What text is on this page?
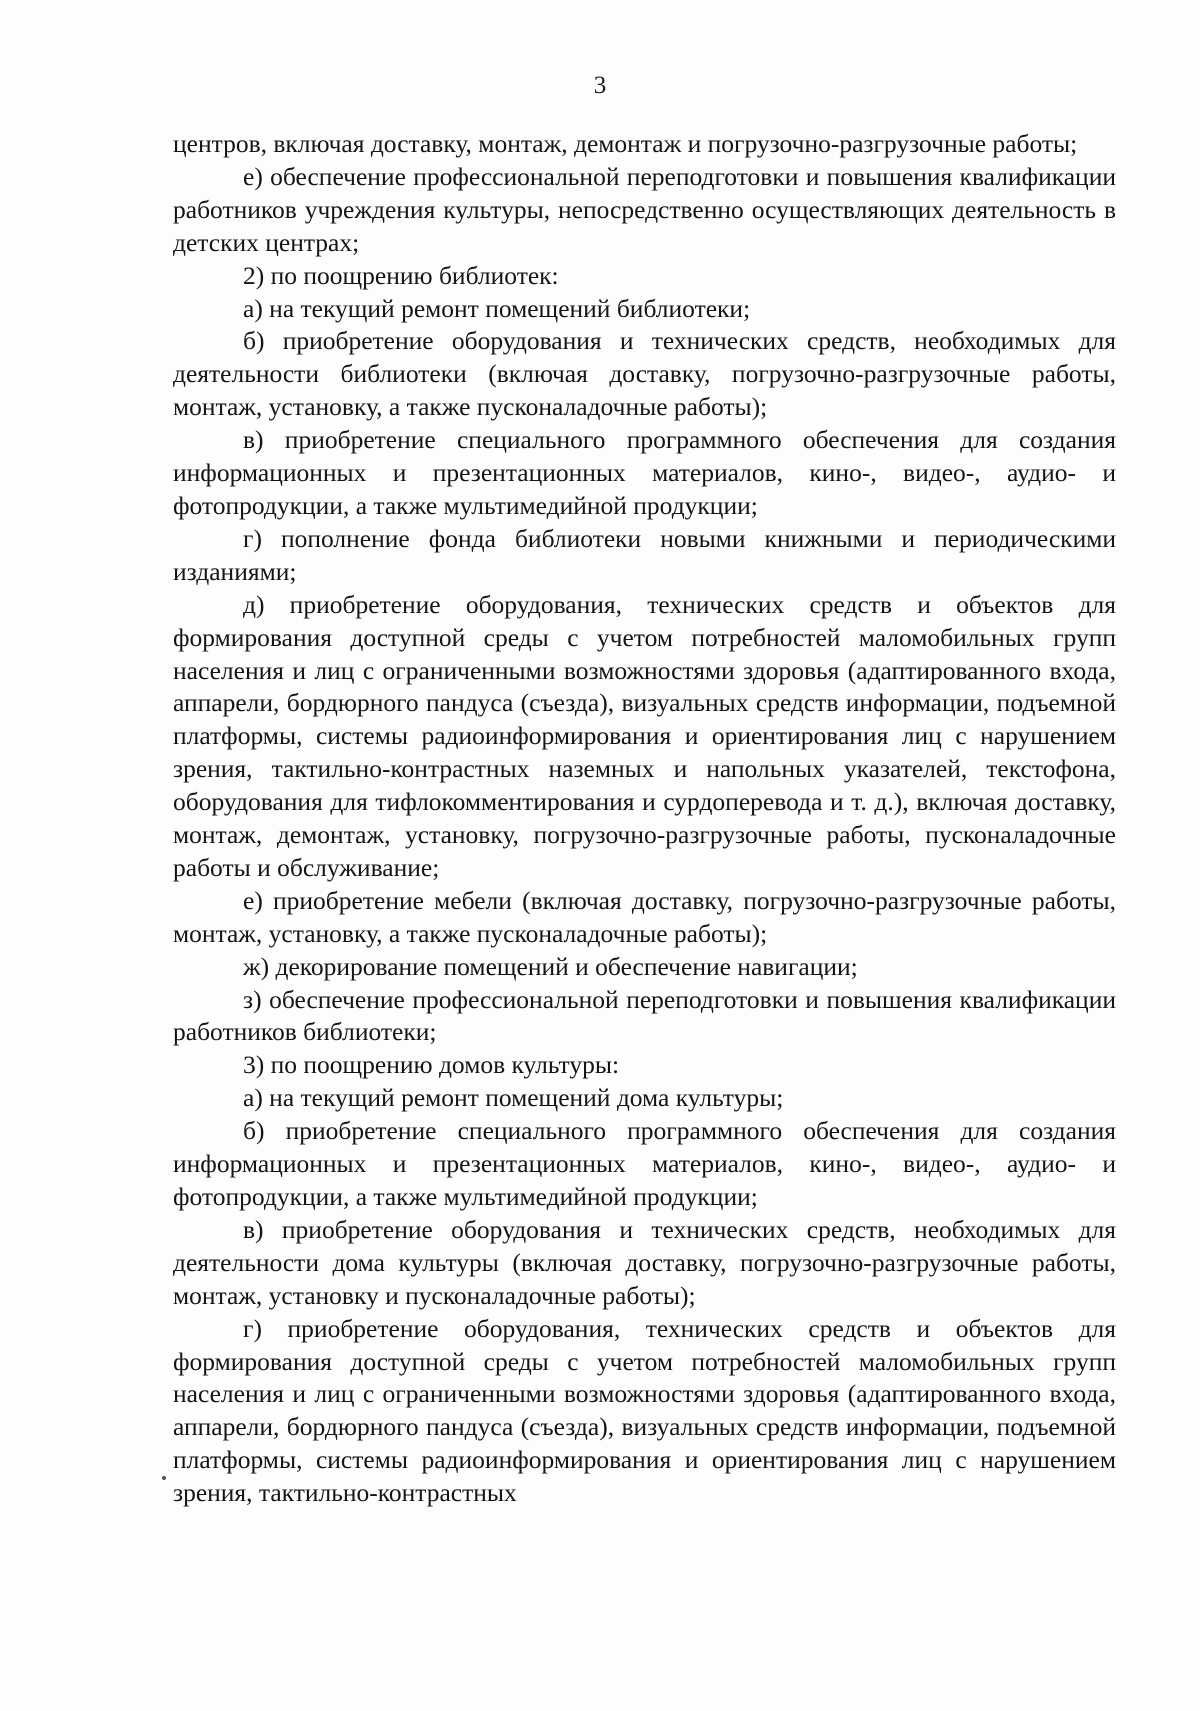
3

центров, включая доставку, монтаж, демонтаж и погрузочно-разгрузочные работы;

е) обеспечение профессиональной переподготовки и повышения квалификации работников учреждения культуры, непосредственно осуществляющих деятельность в детских центрах;

2) по поощрению библиотек:

а) на текущий ремонт помещений библиотеки;

б) приобретение оборудования и технических средств, необходимых для деятельности библиотеки (включая доставку, погрузочно-разгрузочные работы, монтаж, установку, а также пусконаладочные работы);

в) приобретение специального программного обеспечения для создания информационных и презентационных материалов, кино-, видео-, аудио- и фотопродукции, а также мультимедийной продукции;

г) пополнение фонда библиотеки новыми книжными и периодическими изданиями;

д) приобретение оборудования, технических средств и объектов для формирования доступной среды с учетом потребностей маломобильных групп населения и лиц с ограниченными возможностями здоровья (адаптированного входа, аппарели, бордюрного пандуса (съезда), визуальных средств информации, подъемной платформы, системы радиоинформирования и ориентирования лиц с нарушением зрения, тактильно-контрастных наземных и напольных указателей, текстофона, оборудования для тифлокомментирования и сурдоперевода и т. д.), включая доставку, монтаж, демонтаж, установку, погрузочно-разгрузочные работы, пусконаладочные работы и обслуживание;

е) приобретение мебели (включая доставку, погрузочно-разгрузочные работы, монтаж, установку, а также пусконаладочные работы);

ж) декорирование помещений и обеспечение навигации;

з) обеспечение профессиональной переподготовки и повышения квалификации работников библиотеки;

3) по поощрению домов культуры:

а) на текущий ремонт помещений дома культуры;

б) приобретение специального программного обеспечения для создания информационных и презентационных материалов, кино-, видео-, аудио- и фотопродукции, а также мультимедийной продукции;

в) приобретение оборудования и технических средств, необходимых для деятельности дома культуры (включая доставку, погрузочно-разгрузочные работы, монтаж, установку и пусконаладочные работы);

г) приобретение оборудования, технических средств и объектов для формирования доступной среды с учетом потребностей маломобильных групп населения и лиц с ограниченными возможностями здоровья (адаптированного входа, аппарели, бордюрного пандуса (съезда), визуальных средств информации, подъемной платформы, системы радиоинформирования и ориентирования лиц с нарушением зрения, тактильно-контрастных
